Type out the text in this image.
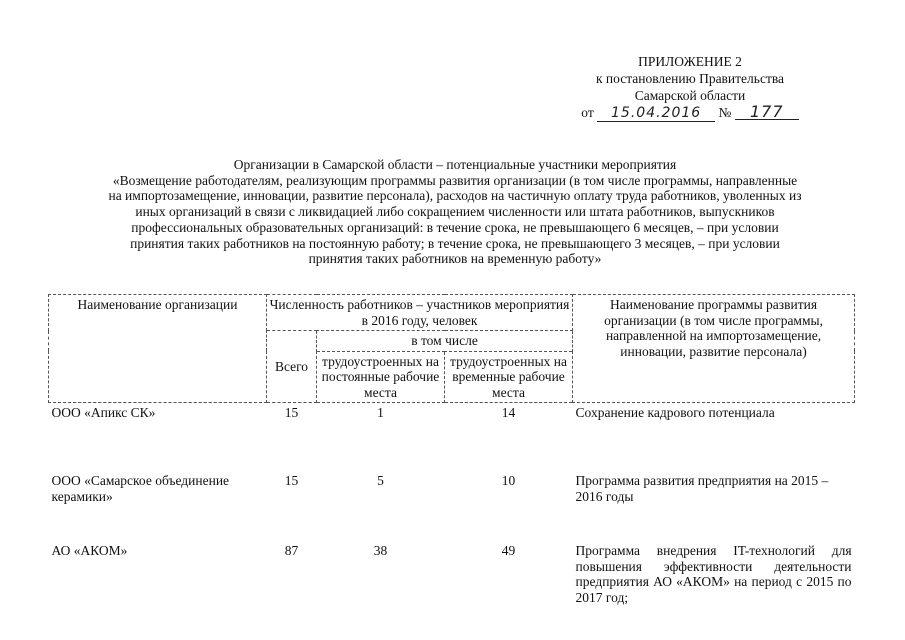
ПРИЛОЖЕНИЕ 2
к постановлению Правительства
Самарской области
от 15.04.2016 № 177
Организации в Самарской области – потенциальные участники мероприятия
«Возмещение работодателям, реализующим программы развития организации (в том числе программы, направленные
на импортозамещение, инновации, развитие персонала), расходов на частичную оплату труда работников, уволенных из
иных организаций в связи с ликвидацией либо сокращением численности или штата работников, выпускников
профессиональных образовательных организаций: в течение срока, не превышающего 6 месяцев, – при условии
принятия таких работников на постоянную работу; в течение срока, не превышающего 3 месяцев, – при условии
принятия таких работников на временную работу»
Наименование организации	Численность работников – участников мероприятия в 2016 году, человек			Наименование программы развития организации (в том числе программы, направленной на импортозамещение, инновации, развитие персонала)
	Всего	в том числе		
		трудоустроенных на постоянные рабочие места	трудоустроенных на временные рабочие места	
ООО «Апикс СК»	15	1	14	Сохранение кадрового потенциала
ООО «Самарское объединение керамики»	15	5	10	Программа развития предприятия на 2015 – 2016 годы
АО «АКОМ»	87	38	49	Программа внедрения IT-технологий для повышения эффективности деятельности предприятия АО «АКОМ» на период с 2015 по 2017 год;
